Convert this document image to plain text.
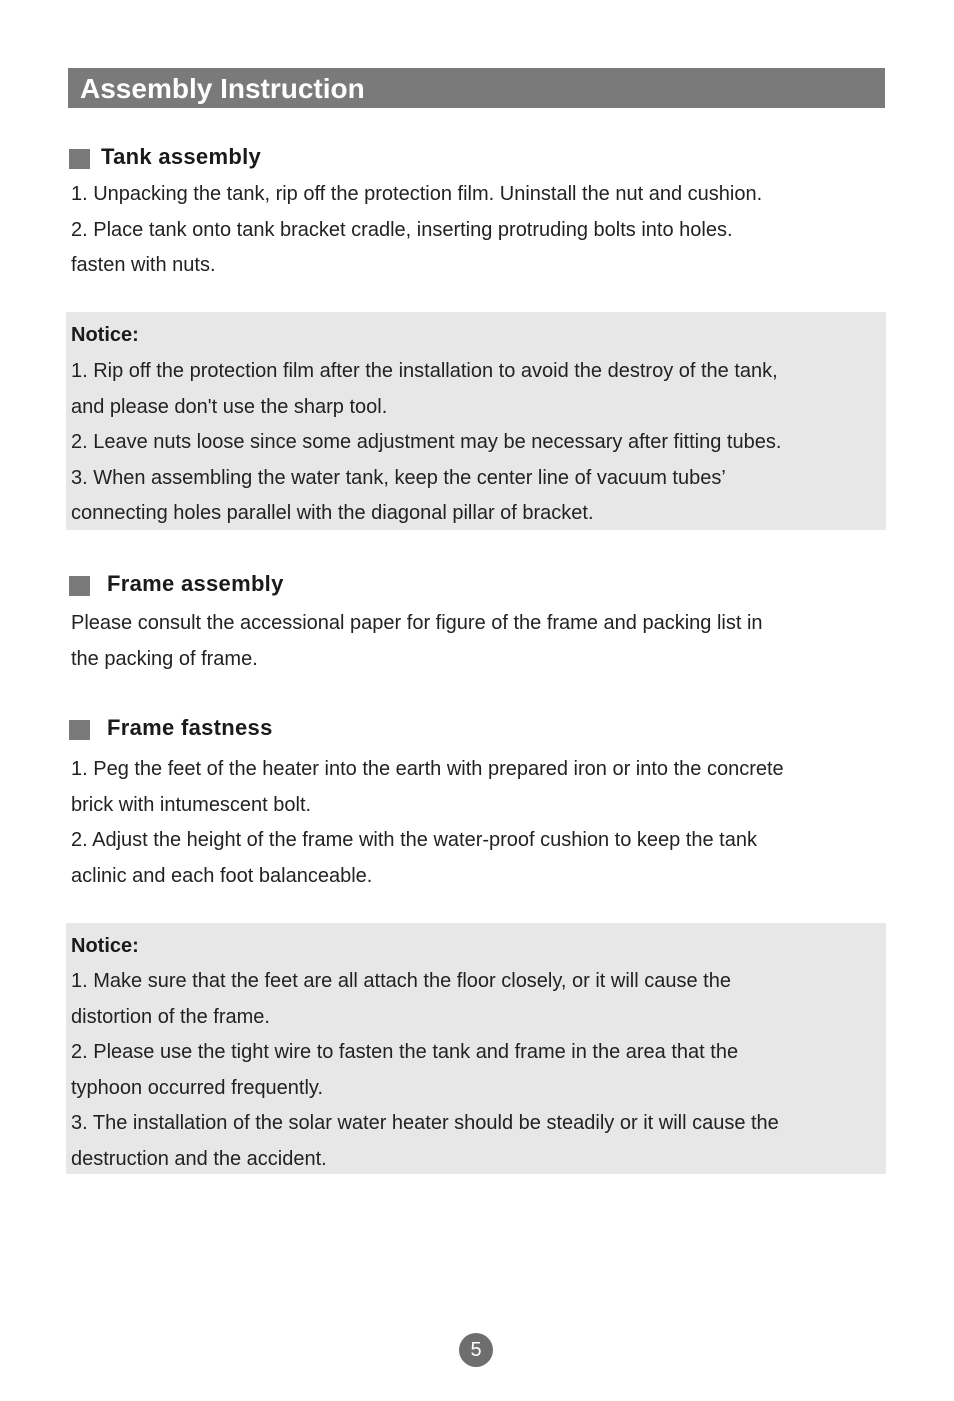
Assembly Instruction
Tank assembly
1. Unpacking the tank, rip off the protection film. Uninstall the nut and cushion.
2. Place tank onto tank bracket cradle, inserting protruding bolts into holes.
fasten with nuts.
Notice:
1. Rip off the protection film after the installation to avoid the destroy of the tank,
and please don't use the sharp tool.
2. Leave nuts loose since some adjustment may be necessary after fitting tubes.
3. When assembling the water tank, keep the center line of vacuum tubes’
connecting holes parallel with the diagonal pillar of bracket.
Frame assembly
Please consult the accessional paper for figure of the frame and packing list in
the packing of frame.
Frame fastness
1. Peg the feet of the heater into the earth with prepared iron or into the concrete
brick with intumescent bolt.
2. Adjust the height of the frame with the water-proof cushion to keep the tank
aclinic and each foot balanceable.
Notice:
1. Make sure that the feet are all attach the floor closely, or it will cause the
distortion of the frame.
2. Please use the tight wire to fasten the tank and frame in the area that the
typhoon occurred frequently.
3. The installation of the solar water heater should be steadily or it will cause the
destruction and the accident.
5
